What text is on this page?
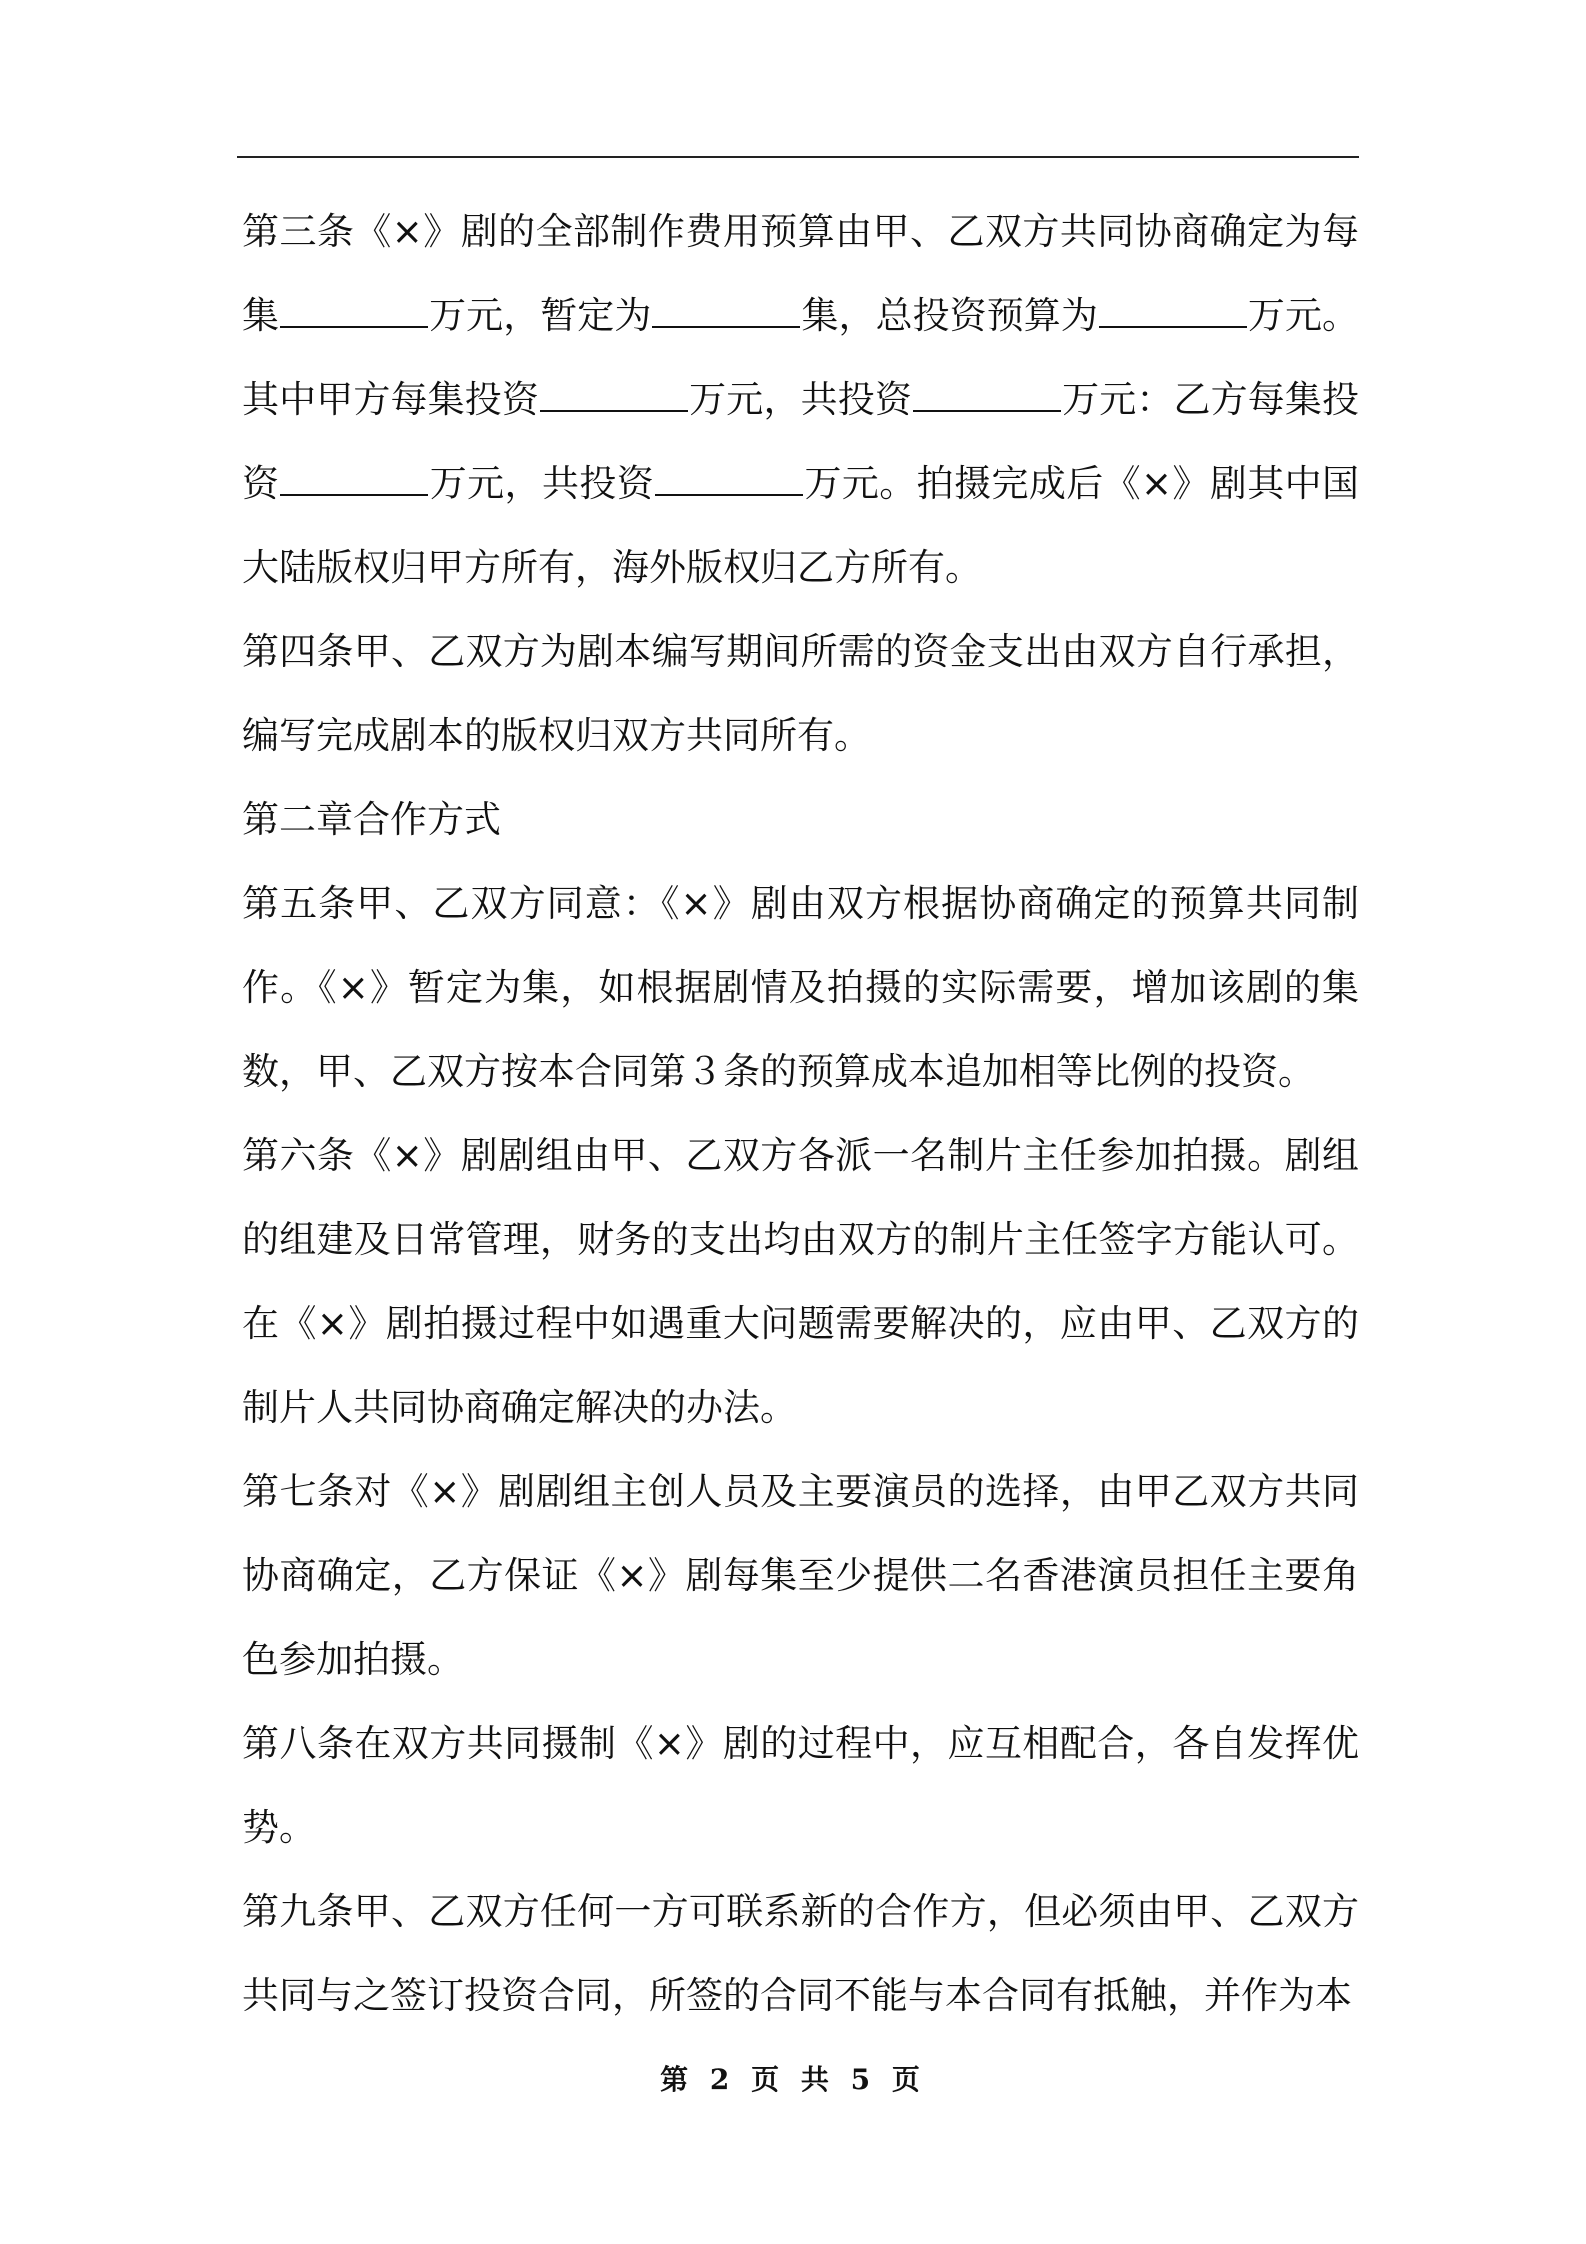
第三条《×》剧的全部制作费用预算由甲、乙双方共同协商确定为每集	万元，暂定为	集，总投资预算为	万元。其中甲方每集投资	万元，共投资	万元：乙方每集投资	万元，共投资	万元。拍摄完成后《×》剧其中国大陆版权归甲方所有，海外版权归乙方所有。

第四条甲、乙双方为剧本编写期间所需的资金支出由双方自行承担，编写完成剧本的版权归双方共同所有。

第二章合作方式

第五条甲、乙双方同意：《×》剧由双方根据协商确定的预算共同制作。《×》暂定为集，如根据剧情及拍摄的实际需要，增加该剧的集数，甲、乙双方按本合同第３条的预算成本追加相等比例的投资。

第六条《×》剧剧组由甲、乙双方各派一名制片主任参加拍摄。剧组的组建及日常管理，财务的支出均由双方的制片主任签字方能认可。在《×》剧拍摄过程中如遇重大问题需要解决的，应由甲、乙双方的制片人共同协商确定解决的办法。

第七条对《×》剧剧组主创人员及主要演员的选择，由甲乙双方共同协商确定，乙方保证《×》剧每集至少提供二名香港演员担任主要角色参加拍摄。

第八条在双方共同摄制《×》剧的过程中，应互相配合，各自发挥优势。

第九条甲、乙双方任何一方可联系新的合作方，但必须由甲、乙双方共同与之签订投资合同，所签的合同不能与本合同有抵触，并作为本

第 2 页 共 5 页
